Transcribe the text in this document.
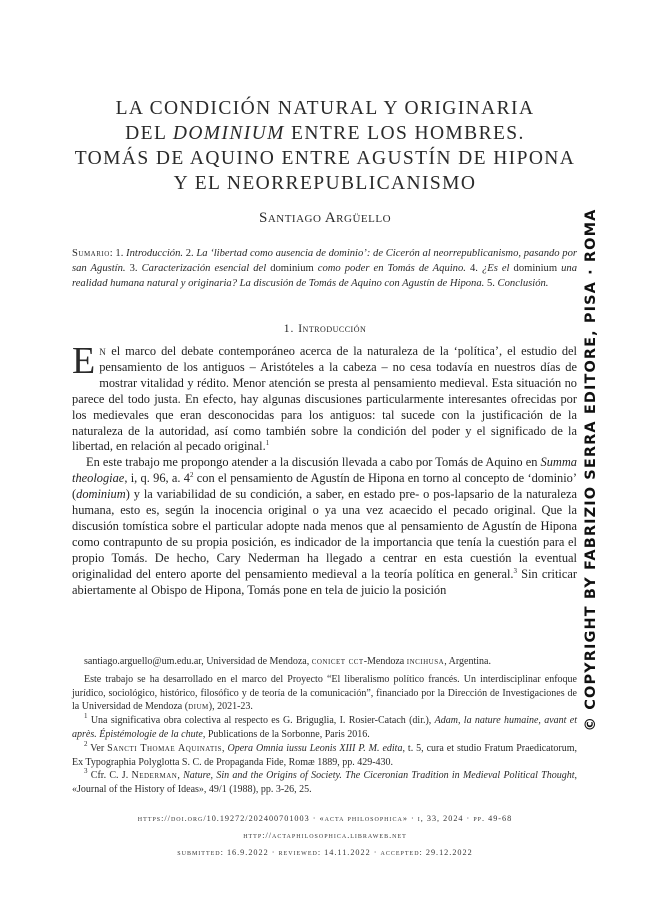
LA CONDICIÓN NATURAL Y ORIGINARIA
DEL DOMINIUM ENTRE LOS HOMBRES.
TOMÁS DE AQUINO ENTRE AGUSTÍN DE HIPONA
Y EL NEORREPUBLICANISMO
Santiago Argüello
Sumario: 1. Introducción. 2. La ‘libertad como ausencia de dominio’: de Cicerón al neorrepublicanismo, pasando por san Agustín. 3. Caracterización esencial del dominium como poder en Tomás de Aquino. 4. ¿Es el dominium una realidad humana natural y originaria? La discusión de Tomás de Aquino con Agustín de Hipona. 5. Conclusión.
1. Introducción

En el marco del debate contemporáneo acerca de la naturaleza de la ‘política’, el estudio del pensamiento de los antiguos – Aristóteles a la cabeza – no cesa todavía en nuestros días de mostrar vitalidad y rédito. Menor atención se presta al pensamiento medieval. Esta situación no parece del todo justa. En efecto, hay algunas discusiones particularmente interesantes ofrecidas por los medievales que eran desconocidas para los antiguos: tal sucede con la justificación de la naturaleza de la autoridad, así como también sobre la condición del poder y el significado de la libertad, en relación al pecado original.$^1$

En este trabajo me propongo atender a la discusión llevada a cabo por Tomás de Aquino en Summa theologiae, i, q. 96, a. $4^2$ con el pensamiento de Agustín de Hipona en torno al concepto de ‘dominio’ (dominium) y la variabilidad de su condición, a saber, en estado pre- o pos-lapsario de la naturaleza humana, esto es, según la inocencia original o ya una vez acaecido el pecado original. Que la discusión tomística sobre el particular adopte nada menos que al pensamiento de Agustín de Hipona como contrapunto de su propia posición, es indicador de la importancia que tenía la cuestión para el propio Tomás. De hecho, Cary Nederman ha llegado a centrar en esta cuestión la eventual originalidad del entero aporte del pensamiento medieval a la teoría política en general.$^3$ Sin criticar abiertamente al Obispo de Hipona, Tomás pone en tela de juicio la posición

santiago.arguello@um.edu.ar, Universidad de Mendoza, conicet cct-Mendoza incihusa, Argentina.

Este trabajo se ha desarrollado en el marco del Proyecto “El liberalismo político francés. Un interdisciplinar enfoque jurídico, sociológico, histórico, filosófico y de teoría de la comunicación”, financiado por la Dirección de Investigaciones de la Universidad de Mendoza (dium), 2021-23.

$^1$ Una significativa obra colectiva al respecto es G. Briguglia, I. Rosier-Catach (dir.), Adam, la nature humaine, avant et après. Épistémologie de la chute, Publications de la Sorbonne, Paris 2016.

$^2$ Ver Sancti Thomae Aquinatis, Opera Omnia iussu Leonis XIII P. M. edita, t. 5, cura et studio Fratum Praedicatorum, Ex Typographia Polyglotta S. C. de Propaganda Fide, Romæ 1889, pp. 429-430.

$^3$ Cfr. C. J. Nederman, Nature, Sin and the Origins of Society. The Ciceronian Tradition in Medieval Political Thought, «Journal of the History of Ideas», 49/1 (1988), pp. 3-26, 25.

https://doi.org/10.19272/202400701003 · «acta philosophica» · i, 33, 2024 · pp. 49-68
http://actaphilosophica.libraweb.net
submitted: 16.9.2022 · reviewed: 14.11.2022 · accepted: 29.12.2022
© COPYRIGHT BY FABRIZIO SERRA EDITORE, PISA · ROMA
